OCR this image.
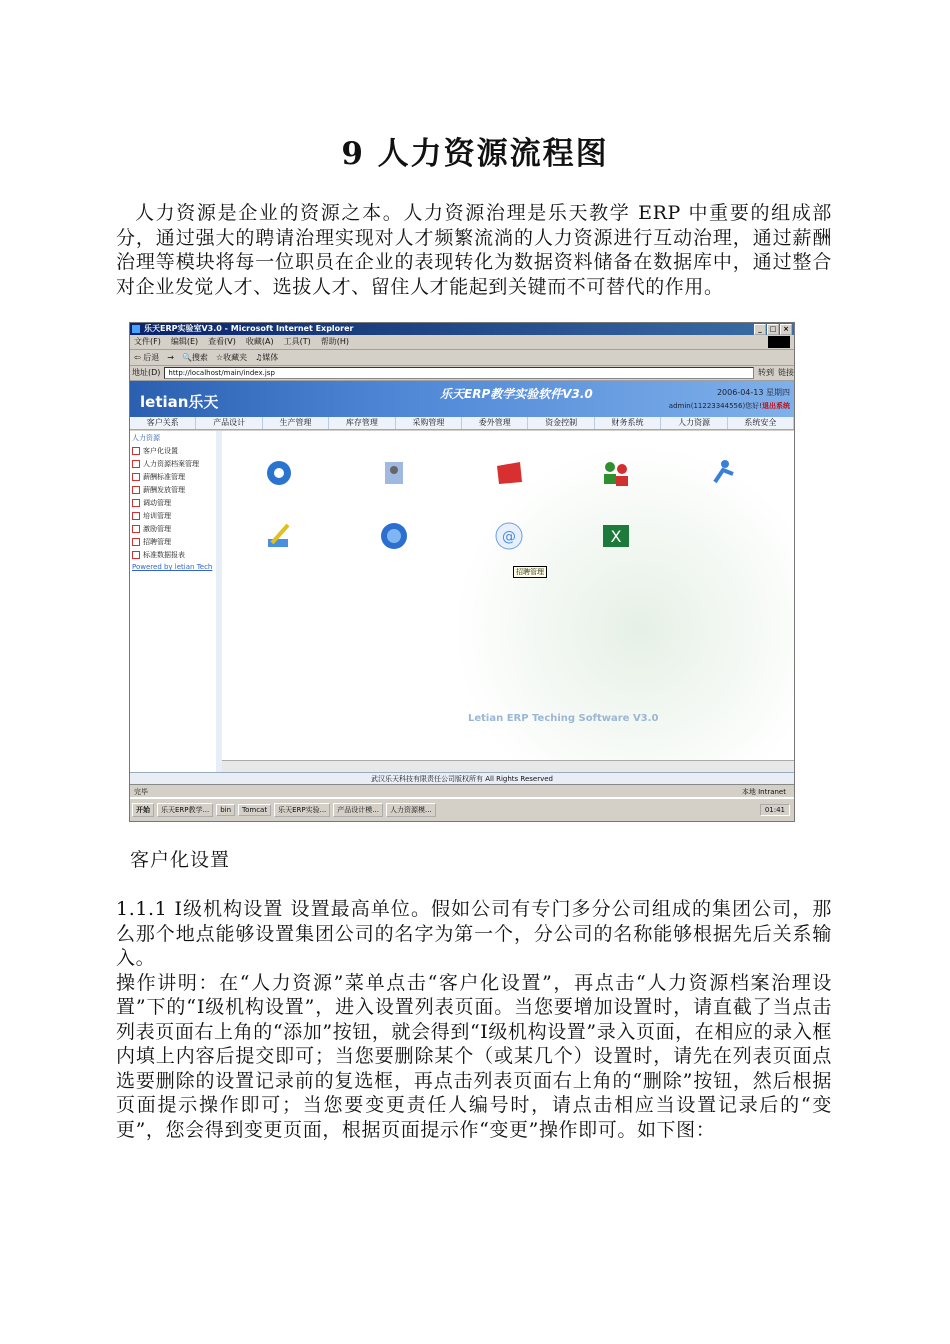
9 人力资源流程图
人力资源是企业的资源之本。人力资源治理是乐天教学 ERP 中重要的组成部分，通过强大的聘请治理实现对人才频繁流淌的人力资源进行互动治理，通过薪酬治理等模块将每一位职员在企业的表现转化为数据资料储备在数据库中，通过整合对企业发觉人才、选拔人才、留住人才能起到关键而不可替代的作用。
乐天ERP实验室V3.0 - Microsoft Internet Explorer	_	□ ×
文件(F) 编辑(E) 查看(V) 收藏(A) 工具(T) 帮助(H)
⇦ 后退 → 🔍搜索 ☆收藏夹 ♫媒体
地址(D)	http://localhost/main/index.jsp	转到 链接
letian乐天	乐天ERP教学实验软件V3.0	2006-04-13 星期四
admin(11223344556)您好!退出系统
客户关系	产品设计	生产管理	库存管理	采购管理	委外管理	资金控制	财务系统	人力资源	系统安全
人力资源
客户化设置
人力资源档案管理
薪酬标准管理
薪酬发放管理
调动管理
培训管理
激励管理
招聘管理
标准数据报表
Powered by letian Tech
@	X
招聘管理
Letian ERP Teching Software V3.0
武汉乐天科技有限责任公司版权所有 All Rights Reserved
完毕	本地 Intranet
开始	乐天ERP教学...	bin	Tomcat	乐天ERP实验...	产品设计模...	人力资源模...	01:41
客户化设置
1.1.1 Ⅰ级机构设置 设置最高单位。假如公司有专门多分公司组成的集团公司，那么那个地点能够设置集团公司的名字为第一个，分公司的名称能够根据先后关系输入。
操作讲明：在“人力资源”菜单点击“客户化设置”，再点击“人力资源档案治理设置”下的“Ⅰ级机构设置”，进入设置列表页面。当您要增加设置时，请直截了当点击列表页面右上角的“添加”按钮，就会得到“Ⅰ级机构设置”录入页面，在相应的录入框内填上内容后提交即可；当您要删除某个（或某几个）设置时，请先在列表页面点选要删除的设置记录前的复选框，再点击列表页面右上角的“删除”按钮，然后根据页面提示操作即可；当您要变更责任人编号时，请点击相应当设置记录后的“变更”，您会得到变更页面，根据页面提示作“变更”操作即可。如下图：
